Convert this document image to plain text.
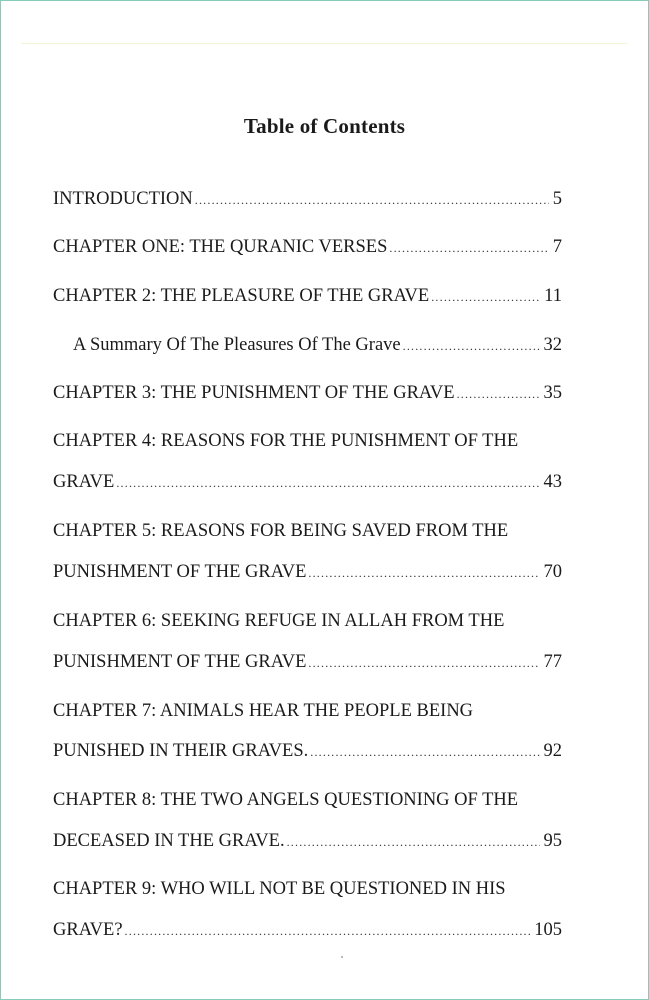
Table of Contents
INTRODUCTION .....	5
CHAPTER ONE: THE QURANIC VERSES .....	7
CHAPTER 2: THE PLEASURE OF THE GRAVE .....	11
A Summary Of The Pleasures Of The Grave .....	32
CHAPTER 3: THE PUNISHMENT OF THE GRAVE .....	35
CHAPTER 4: REASONS FOR THE PUNISHMENT OF THE
GRAVE .....	43
CHAPTER 5: REASONS FOR BEING SAVED FROM THE
PUNISHMENT OF THE GRAVE .....	70
CHAPTER 6: SEEKING REFUGE IN ALLAH FROM THE
PUNISHMENT OF THE GRAVE .....	77
CHAPTER 7: ANIMALS HEAR THE PEOPLE BEING
PUNISHED IN THEIR GRAVES. .....	92
CHAPTER 8: THE TWO ANGELS QUESTIONING OF THE
DECEASED IN THE GRAVE. .....	95
CHAPTER 9: WHO WILL NOT BE QUESTIONED IN HIS
GRAVE? .....	105
